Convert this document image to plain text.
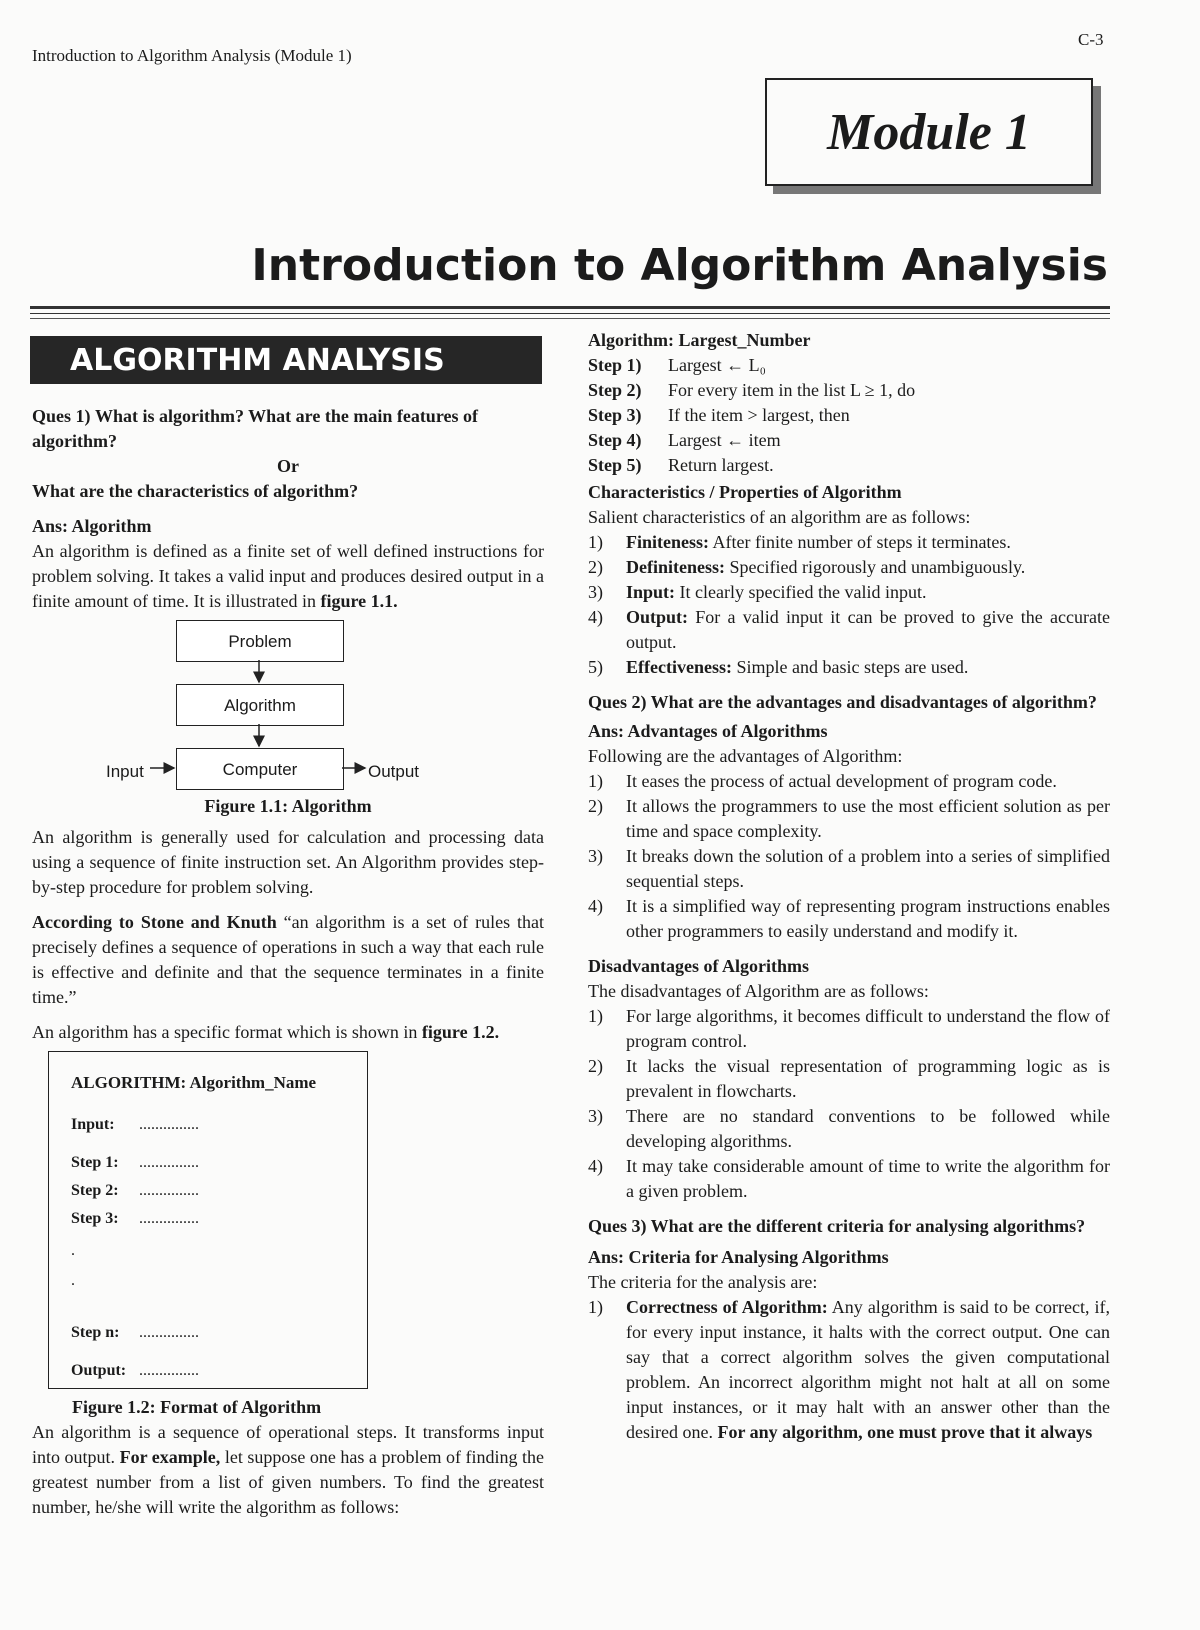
Introduction to Algorithm Analysis (Module 1)
C-3
Module 1
Introduction to Algorithm Analysis
ALGORITHM ANALYSIS

Ques 1) What is algorithm? What are the main features of algorithm?

Or

What are the characteristics of algorithm?

Ans: Algorithm

An algorithm is defined as a finite set of well defined instructions for problem solving. It takes a valid input and produces desired output in a finite amount of time. It is illustrated in figure 1.1.

Problem
Algorithm
Computer
Input	Output

Figure 1.1: Algorithm

An algorithm is generally used for calculation and processing data using a sequence of finite instruction set. An Algorithm provides step-by-step procedure for problem solving.

According to Stone and Knuth “an algorithm is a set of rules that precisely defines a sequence of operations in such a way that each rule is effective and definite and that the sequence terminates in a finite time.”

An algorithm has a specific format which is shown in figure 1.2.

ALGORITHM: Algorithm_Name
Input: ...............
Step 1: ...............
Step 2: ...............
Step 3: ...............
.
.
Step n: ...............
Output: ...............

Figure 1.2: Format of Algorithm

An algorithm is a sequence of operational steps. It transforms input into output. For example, let suppose one has a problem of finding the greatest number from a list of given numbers. To find the greatest number, he/she will write the algorithm as follows:

Algorithm: Largest_Number

Step 1)	Largest ← L₀
Step 2)	For every item in the list L ≥ 1, do
Step 3)	If the item > largest, then
Step 4)	Largest ← item
Step 5)	Return largest.

Characteristics / Properties of Algorithm

Salient characteristics of an algorithm are as follows:

1)	Finiteness: After finite number of steps it terminates.
2)	Definiteness: Specified rigorously and unambiguously.
3)	Input: It clearly specified the valid input.
4)	Output: For a valid input it can be proved to give the accurate output.
5)	Effectiveness: Simple and basic steps are used.

Ques 2) What are the advantages and disadvantages of algorithm?

Ans: Advantages of Algorithms

Following are the advantages of Algorithm:

1)	It eases the process of actual development of program code.
2)	It allows the programmers to use the most efficient solution as per time and space complexity.
3)	It breaks down the solution of a problem into a series of simplified sequential steps.
4)	It is a simplified way of representing program instructions enables other programmers to easily understand and modify it.

Disadvantages of Algorithms

The disadvantages of Algorithm are as follows:

1)	For large algorithms, it becomes difficult to understand the flow of program control.
2)	It lacks the visual representation of programming logic as is prevalent in flowcharts.
3)	There are no standard conventions to be followed while developing algorithms.
4)	It may take considerable amount of time to write the algorithm for a given problem.

Ques 3) What are the different criteria for analysing algorithms?

Ans: Criteria for Analysing Algorithms

The criteria for the analysis are:

1)	Correctness of Algorithm: Any algorithm is said to be correct, if, for every input instance, it halts with the correct output. One can say that a correct algorithm solves the given computational problem. An incorrect algorithm might not halt at all on some input instances, or it may halt with an answer other than the desired one. For any algorithm, one must prove that it always
